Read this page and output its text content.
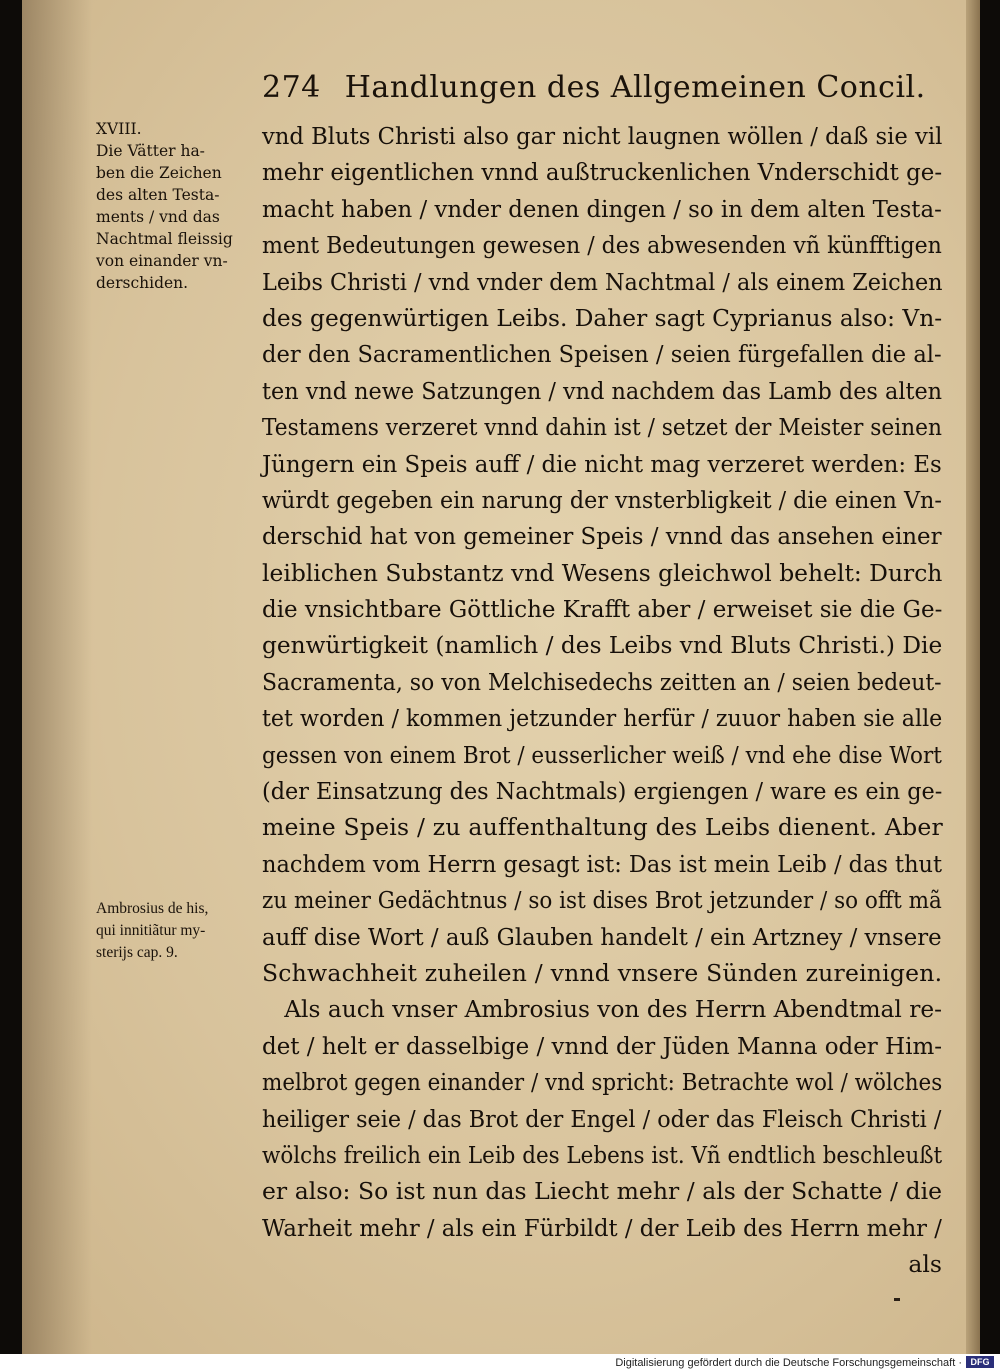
274 Handlungen des Allgemeinen Concil.
XVIII.
Die Vätter ha-
ben die Zeichen
des alten Testa-
ments / vnd das
Nachtmal fleissig
von einander vn-
derschiden.
Ambrosius de his,
qui innitiãtur my-
sterijs cap. 9.
vnd Bluts Christi also gar nicht laugnen wöllen / daß sie vil
mehr eigentlichen vnnd außtruckenlichen Vnderschidt ge-
macht haben / vnder denen dingen / so in dem alten Testa-
ment Bedeutungen gewesen / des abwesenden vñ künfftigen
Leibs Christi / vnd vnder dem Nachtmal / als einem Zeichen
des gegenwürtigen Leibs. Daher sagt Cyprianus also: Vn-
der den Sacramentlichen Speisen / seien fürgefallen die al-
ten vnd newe Satzungen / vnd nachdem das Lamb des alten
Testamens verzeret vnnd dahin ist / setzet der Meister seinen
Jüngern ein Speis auff / die nicht mag verzeret werden: Es
würdt gegeben ein narung der vnsterbligkeit / die einen Vn-
derschid hat von gemeiner Speis / vnnd das ansehen einer
leiblichen Substantz vnd Wesens gleichwol behelt: Durch
die vnsichtbare Göttliche Krafft aber / erweiset sie die Ge-
genwürtigkeit (namlich / des Leibs vnd Bluts Christi.) Die
Sacramenta, so von Melchisedechs zeitten an / seien bedeut-
tet worden / kommen jetzunder herfür / zuuor haben sie alle
gessen von einem Brot / eusserlicher weiß / vnd ehe dise Wort
(der Einsatzung des Nachtmals) ergiengen / ware es ein ge-
meine Speis / zu auffenthaltung des Leibs dienent. Aber
nachdem vom Herrn gesagt ist: Das ist mein Leib / das thut
zu meiner Gedächtnus / so ist dises Brot jetzunder / so offt mã
auff dise Wort / auß Glauben handelt / ein Artzney / vnsere
Schwachheit zuheilen / vnnd vnsere Sünden zureinigen.
Als auch vnser Ambrosius von des Herrn Abendtmal re-
det / helt er dasselbige / vnnd der Jüden Manna oder Him-
melbrot gegen einander / vnd spricht: Betrachte wol / wölches
heiliger seie / das Brot der Engel / oder das Fleisch Christi /
wölchs freilich ein Leib des Lebens ist. Vñ endtlich beschleußt
er also: So ist nun das Liecht mehr / als der Schatte / die
Warheit mehr / als ein Fürbildt / der Leib des Herrn mehr /
als
Digitalisierung gefördert durch die Deutsche Forschungsgemeinschaft · DFG
